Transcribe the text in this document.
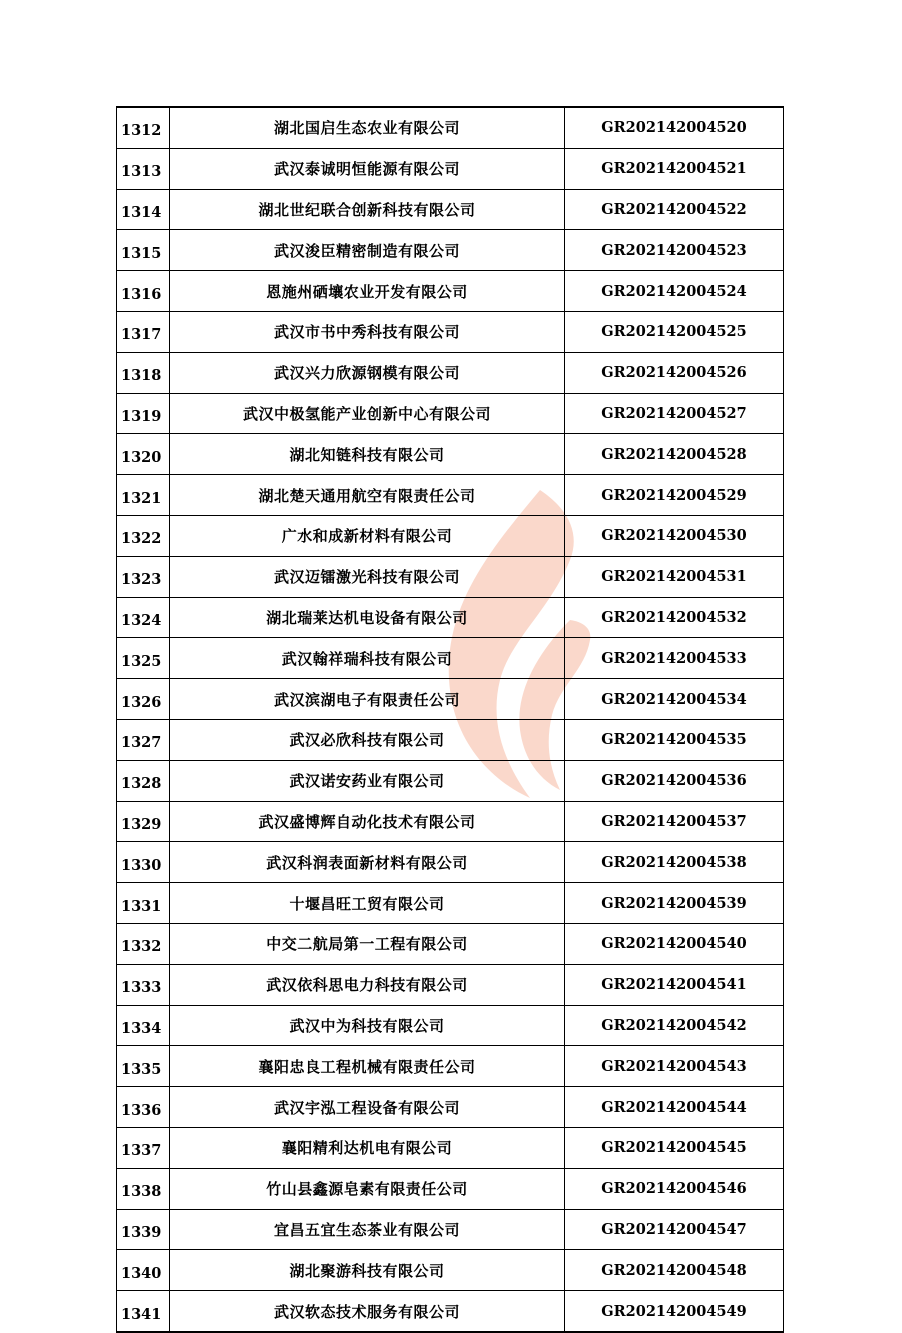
1312	湖北国启生态农业有限公司	GR202142004520
1313	武汉泰诚明恒能源有限公司	GR202142004521
1314	湖北世纪联合创新科技有限公司	GR202142004522
1315	武汉浚臣精密制造有限公司	GR202142004523
1316	恩施州硒壤农业开发有限公司	GR202142004524
1317	武汉市书中秀科技有限公司	GR202142004525
1318	武汉兴力欣源钢模有限公司	GR202142004526
1319	武汉中极氢能产业创新中心有限公司	GR202142004527
1320	湖北知链科技有限公司	GR202142004528
1321	湖北楚天通用航空有限责任公司	GR202142004529
1322	广水和成新材料有限公司	GR202142004530
1323	武汉迈镭激光科技有限公司	GR202142004531
1324	湖北瑞莱达机电设备有限公司	GR202142004532
1325	武汉翰祥瑞科技有限公司	GR202142004533
1326	武汉滨湖电子有限责任公司	GR202142004534
1327	武汉必欣科技有限公司	GR202142004535
1328	武汉诺安药业有限公司	GR202142004536
1329	武汉盛博辉自动化技术有限公司	GR202142004537
1330	武汉科润表面新材料有限公司	GR202142004538
1331	十堰昌旺工贸有限公司	GR202142004539
1332	中交二航局第一工程有限公司	GR202142004540
1333	武汉依科思电力科技有限公司	GR202142004541
1334	武汉中为科技有限公司	GR202142004542
1335	襄阳忠良工程机械有限责任公司	GR202142004543
1336	武汉宇泓工程设备有限公司	GR202142004544
1337	襄阳精利达机电有限公司	GR202142004545
1338	竹山县鑫源皂素有限责任公司	GR202142004546
1339	宜昌五宜生态茶业有限公司	GR202142004547
1340	湖北聚游科技有限公司	GR202142004548
1341	武汉软态技术服务有限公司	GR202142004549
